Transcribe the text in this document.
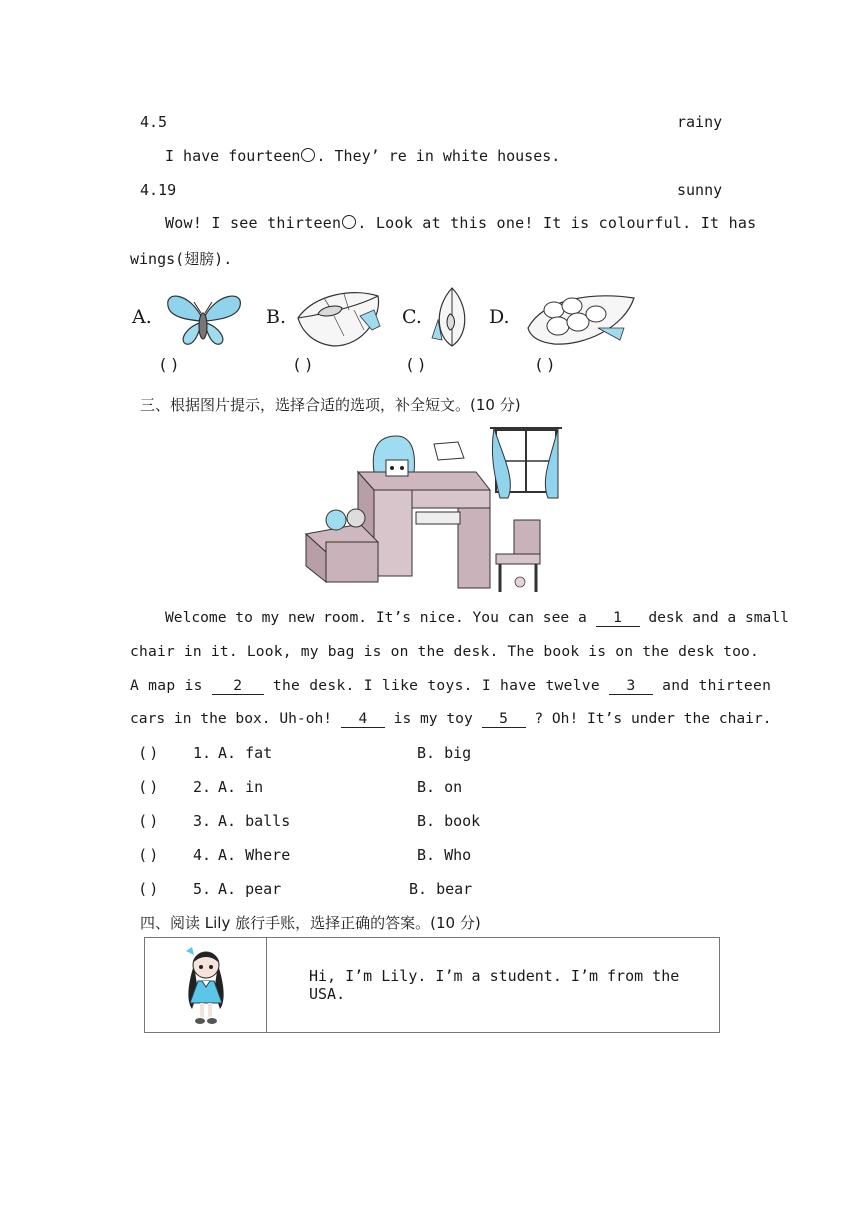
4.5	rainy
I have fourteen . They’ re in white houses.
4.19	sunny
Wow! I see thirteen . Look at this one! It is colourful. It has
wings(翅膀).
A.
( )
B.
( )
C.
( )
D.
( )
三、根据图片提示，选择合适的选项，补全短文。(10 分)
Welcome to my new room. It’s nice. You can see a 1 desk and a small
chair in it. Look, my bag is on the desk. The book is on the desk too.
A map is 2 the desk. I like toys. I have twelve 3 and thirteen
cars in the box. Uh-oh! 4 is my toy 5 ? Oh! It’s under the chair.
( ) 1. A. fat	B. big
( ) 2. A. in	B. on
( ) 3. A. balls	B. book
( ) 4. A. Where	B. Who
( ) 5. A. pear	B. bear
四、阅读 Lily 旅行手账，选择正确的答案。(10 分)
	Hi, I’m Lily. I’m a student. I’m from the USA.
